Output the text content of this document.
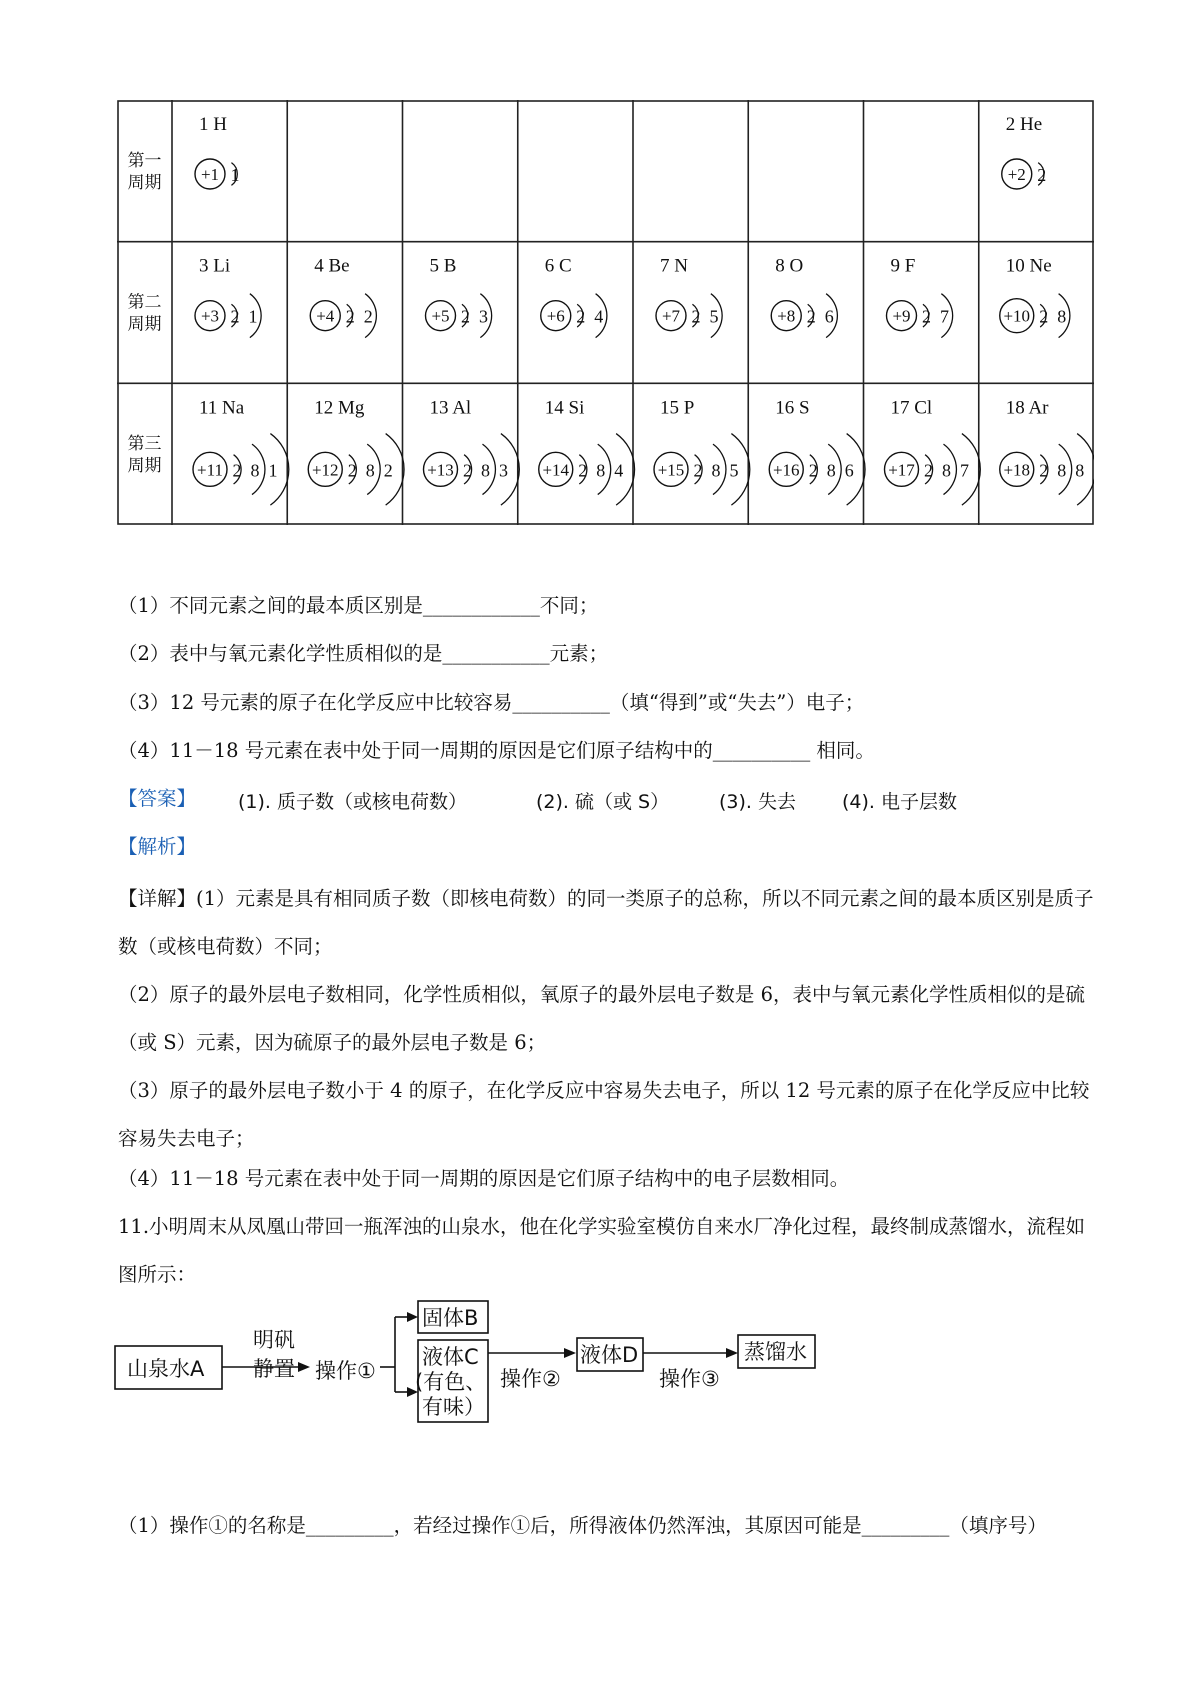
第一
周期
第二
周期
第三
周期
1 H
+1 1
2 He
+2 2
3 Li
+3 2 1
4 Be
+4 2 2
5 B
+5 2 3
6 C
+6 2 4
7 N
+7 2 5
8 O
+8 2 6
9 F
+9 2 7
10 Ne
+10 2 8
11 Na
+11 2 8 1
12 Mg
+12 2 8 2
13 Al
+13 2 8 3
14 Si
+14 2 8 4
15 P
+15 2 8 5
16 S
+16 2 8 6
17 Cl
+17 2 8 7
18 Ar
+18 2 8 8
（1）不同元素之间的最本质区别是____________不同；
（2）表中与氧元素化学性质相似的是___________元素；
（3）12 号元素的原子在化学反应中比较容易__________（填“得到”或“失去”）电子；
（4）11－18 号元素在表中处于同一周期的原因是它们原子结构中的__________ 相同。
【答案】 (1). 质子数（或核电荷数）	(2). 硫（或 S）	(3). 失去 (4). 电子层数
【解析】
【详解】(1）元素是具有相同质子数（即核电荷数）的同一类原子的总称，所以不同元素之间的最本质区别是质子数（或核电荷数）不同；
（2）原子的最外层电子数相同，化学性质相似，氧原子的最外层电子数是 6，表中与氧元素化学性质相似的是硫（或 S）元素，因为硫原子的最外层电子数是 6；
（3）原子的最外层电子数小于 4 的原子，在化学反应中容易失去电子，所以 12 号元素的原子在化学反应中比较容易失去电子；
（4）11－18 号元素在表中处于同一周期的原因是它们原子结构中的电子层数相同。
11.小明周末从凤凰山带回一瓶浑浊的山泉水，他在化学实验室模仿自来水厂净化过程，最终制成蒸馏水，流程如图所示：
山泉水A
明矾
静置 操作①
固体B
液体C
(有色、
有味）
操作②
液体D
操作③
蒸馏水
（1）操作①的名称是_________，若经过操作①后，所得液体仍然浑浊，其原因可能是_________（填序号）
